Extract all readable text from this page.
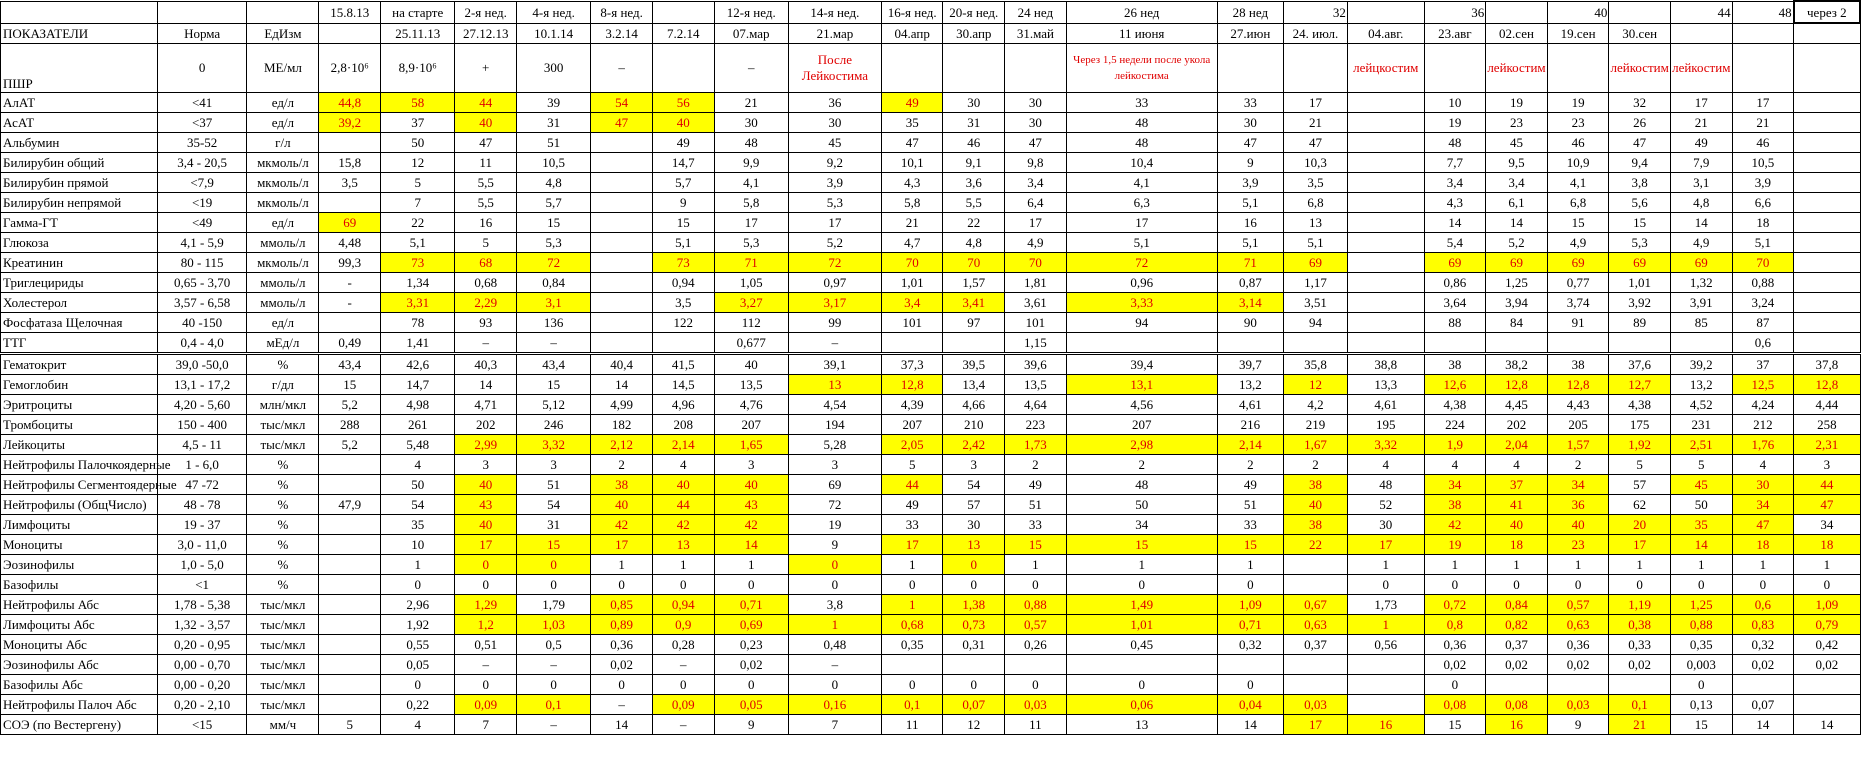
			15.8.13	на старте	2-я нед.	4-я нед.	8-я нед.		12-я нед.	14-я нед.	16-я нед.	20-я нед.	24 нед	26 нед	28 нед	32		36		40		44	48	через 2
ПОКАЗАТЕЛИ	Норма	ЕдИзм		25.11.13	27.12.13	10.1.14	3.2.14	7.2.14	07.мар	21.мар	04.апр	30.апр	31.май	11 июня	27.июн	24. июл.	04.авг.	23.авг	02.сен	19.сен	30.сен			
ПШР	0	МЕ/мл	2,8·10⁶	8,9·10⁶	+	300	–		–	После Лейкостима				Через 1,5 недели после укола лейкостима			лейцкостим		лейкостим		лейкостим	лейкостим		
АлАТ	<41	ед/л	44,8	58	44	39	54	56	21	36	49	30	30	33	33	17		10	19	19	32	17	17	
АсАТ	<37	ед/л	39,2	37	40	31	47	40	30	30	35	31	30	48	30	21		19	23	23	26	21	21	
Альбумин	35-52	г/л		50	47	51		49	48	45	47	46	47	48	47	47		48	45	46	47	49	46	
Билирубин общий	3,4 - 20,5	мкмоль/л	15,8	12	11	10,5		14,7	9,9	9,2	10,1	9,1	9,8	10,4	9	10,3		7,7	9,5	10,9	9,4	7,9	10,5	
Билирубин прямой	<7,9	мкмоль/л	3,5	5	5,5	4,8		5,7	4,1	3,9	4,3	3,6	3,4	4,1	3,9	3,5		3,4	3,4	4,1	3,8	3,1	3,9	
Билирубин непрямой	<19	мкмоль/л		7	5,5	5,7		9	5,8	5,3	5,8	5,5	6,4	6,3	5,1	6,8		4,3	6,1	6,8	5,6	4,8	6,6	
Гамма-ГТ	<49	ед/л	69	22	16	15		15	17	17	21	22	17	17	16	13		14	14	15	15	14	18	
Глюкоза	4,1 - 5,9	ммоль/л	4,48	5,1	5	5,3		5,1	5,3	5,2	4,7	4,8	4,9	5,1	5,1	5,1		5,4	5,2	4,9	5,3	4,9	5,1	
Креатинин	80 - 115	мкмоль/л	99,3	73	68	72		73	71	72	70	70	70	72	71	69		69	69	69	69	69	70	
Триглецириды	0,65 - 3,70	ммоль/л	-	1,34	0,68	0,84		0,94	1,05	0,97	1,01	1,57	1,81	0,96	0,87	1,17		0,86	1,25	0,77	1,01	1,32	0,88	
Холестерол	3,57 - 6,58	ммоль/л	-	3,31	2,29	3,1		3,5	3,27	3,17	3,4	3,41	3,61	3,33	3,14	3,51		3,64	3,94	3,74	3,92	3,91	3,24	
Фосфатаза Щелочная	40 -150	ед/л		78	93	136		122	112	99	101	97	101	94	90	94		88	84	91	89	85	87	
ТТГ	0,4 - 4,0	мЕд/л	0,49	1,41	–	–			0,677	–			1,15										0,6	
Гематокрит	39,0 -50,0	%	43,4	42,6	40,3	43,4	40,4	41,5	40	39,1	37,3	39,5	39,6	39,4	39,7	35,8	38,8	38	38,2	38	37,6	39,2	37	37,8
Гемоглобин	13,1 - 17,2	г/дл	15	14,7	14	15	14	14,5	13,5	13	12,8	13,4	13,5	13,1	13,2	12	13,3	12,6	12,8	12,8	12,7	13,2	12,5	12,8
Эритроциты	4,20 - 5,60	млн/мкл	5,2	4,98	4,71	5,12	4,99	4,96	4,76	4,54	4,39	4,66	4,64	4,56	4,61	4,2	4,61	4,38	4,45	4,43	4,38	4,52	4,24	4,44
Тромбоциты	150 - 400	тыс/мкл	288	261	202	246	182	208	207	194	207	210	223	207	216	219	195	224	202	205	175	231	212	258
Лейкоциты	4,5 - 11	тыс/мкл	5,2	5,48	2,99	3,32	2,12	2,14	1,65	5,28	2,05	2,42	1,73	2,98	2,14	1,67	3,32	1,9	2,04	1,57	1,92	2,51	1,76	2,31
Нейтрофилы Палочкоядерные	1 - 6,0	%		4	3	3	2	4	3	3	5	3	2	2	2	2	4	4	4	2	5	5	4	3
Нейтрофилы Сегментоядерные	47 -72	%		50	40	51	38	40	40	69	44	54	49	48	49	38	48	34	37	34	57	45	30	44
Нейтрофилы (ОбщЧисло)	48 - 78	%	47,9	54	43	54	40	44	43	72	49	57	51	50	51	40	52	38	41	36	62	50	34	47
Лимфоциты	19 - 37	%		35	40	31	42	42	42	19	33	30	33	34	33	38	30	42	40	40	20	35	47	34
Моноциты	3,0 - 11,0	%		10	17	15	17	13	14	9	17	13	15	15	15	22	17	19	18	23	17	14	18	18
Эозинофилы	1,0 - 5,0	%		1	0	0	1	1	1	0	1	0	1	1	1		1	1	1	1	1	1	1	1
Базофилы	<1	%		0	0	0	0	0	0	0	0	0	0	0	0		0	0	0	0	0	0	0	0
Нейтрофилы Абс	1,78 - 5,38	тыс/мкл		2,96	1,29	1,79	0,85	0,94	0,71	3,8	1	1,38	0,88	1,49	1,09	0,67	1,73	0,72	0,84	0,57	1,19	1,25	0,6	1,09
Лимфоциты Абс	1,32 - 3,57	тыс/мкл		1,92	1,2	1,03	0,89	0,9	0,69	1	0,68	0,73	0,57	1,01	0,71	0,63	1	0,8	0,82	0,63	0,38	0,88	0,83	0,79
Моноциты Абс	0,20 - 0,95	тыс/мкл		0,55	0,51	0,5	0,36	0,28	0,23	0,48	0,35	0,31	0,26	0,45	0,32	0,37	0,56	0,36	0,37	0,36	0,33	0,35	0,32	0,42
Эозинофилы Абс	0,00 - 0,70	тыс/мкл		0,05	–	–	0,02	–	0,02	–								0,02	0,02	0,02	0,02	0,003	0,02	0,02
Базофилы Абс	0,00 - 0,20	тыс/мкл		0	0	0	0	0	0	0	0	0	0	0	0			0				0		
Нейтрофилы Палоч Абс	0,20 - 2,10	тыс/мкл		0,22	0,09	0,1	–	0,09	0,05	0,16	0,1	0,07	0,03	0,06	0,04	0,03		0,08	0,08	0,03	0,1	0,13	0,07	
СОЭ (по Вестергену)	<15	мм/ч	5	4	7	–	14	–	9	7	11	12	11	13	14	17	16	15	16	9	21	15	14	14
